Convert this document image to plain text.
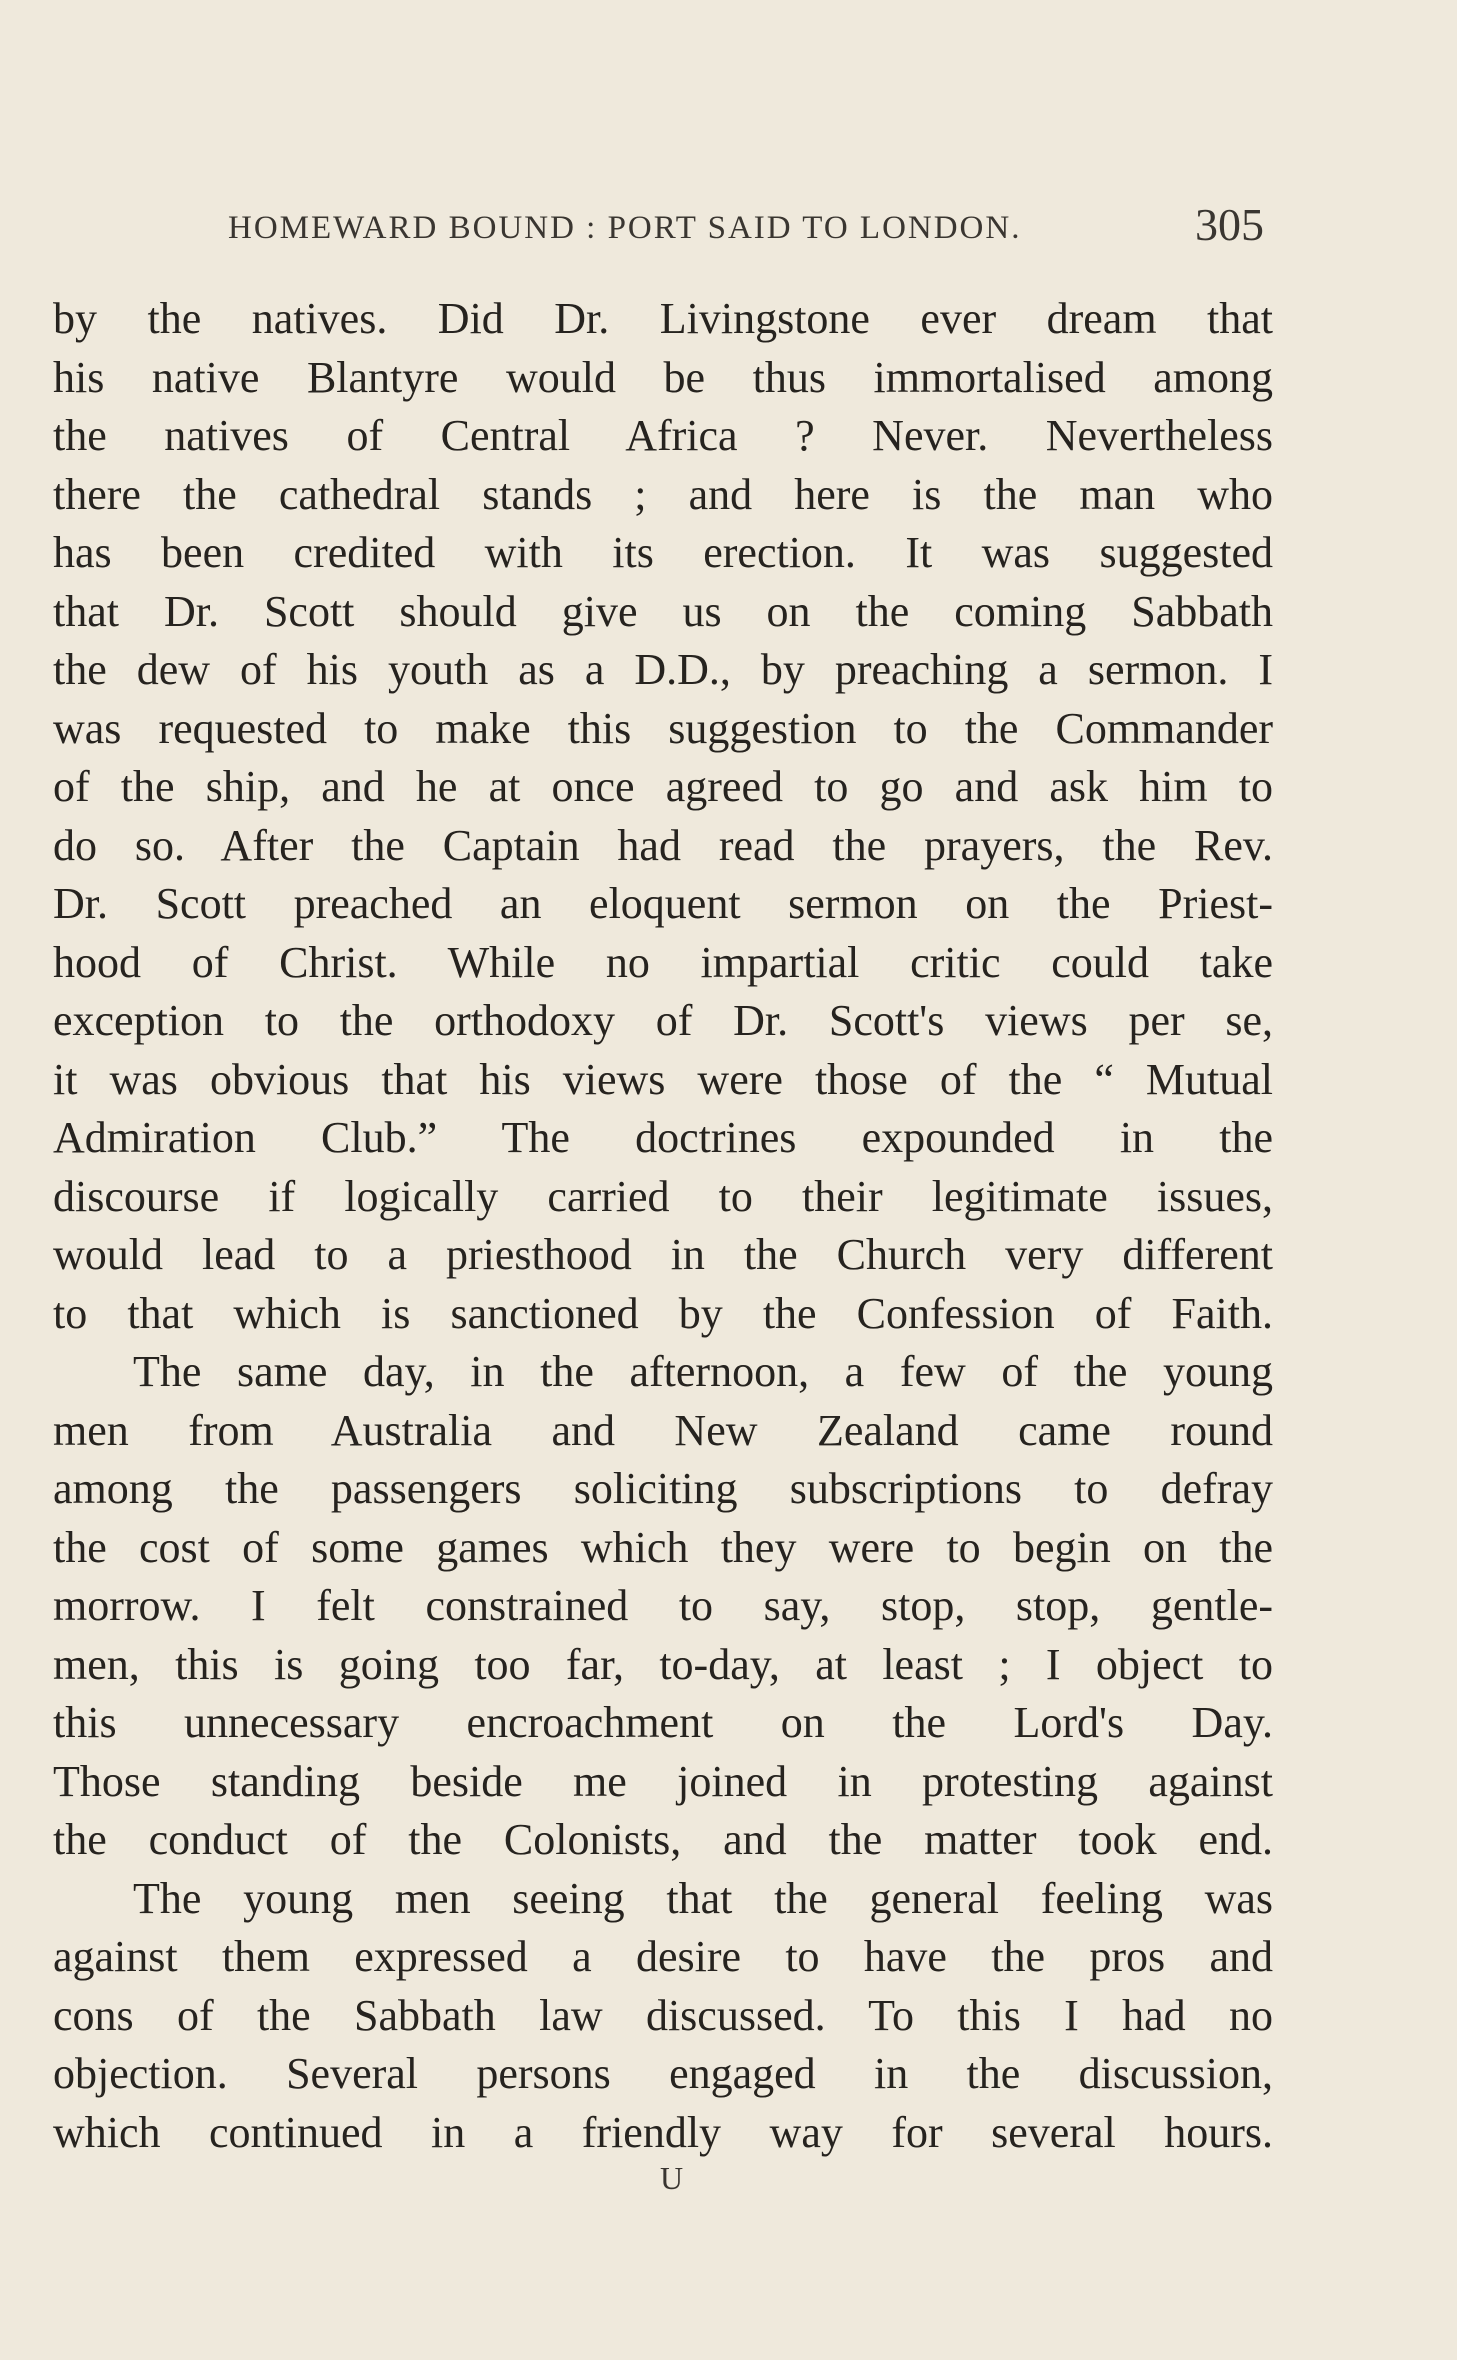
HOMEWARD BOUND : PORT SAID TO LONDON.	305
by the natives. Did Dr. Livingstone ever dream that
his native Blantyre would be thus immortalised among
the natives of Central Africa ? Never. Nevertheless
there the cathedral stands ; and here is the man who
has been credited with its erection. It was suggested
that Dr. Scott should give us on the coming Sabbath
the dew of his youth as a D.D., by preaching a sermon. I
was requested to make this suggestion to the Commander
of the ship, and he at once agreed to go and ask him to
do so. After the Captain had read the prayers, the Rev.
Dr. Scott preached an eloquent sermon on the Priest-
hood of Christ. While no impartial critic could take
exception to the orthodoxy of Dr. Scott's views per se,
it was obvious that his views were those of the “ Mutual
Admiration Club.” The doctrines expounded in the
discourse if logically carried to their legitimate issues,
would lead to a priesthood in the Church very different
to that which is sanctioned by the Confession of Faith.
The same day, in the afternoon, a few of the young
men from Australia and New Zealand came round
among the passengers soliciting subscriptions to defray
the cost of some games which they were to begin on the
morrow. I felt constrained to say, stop, stop, gentle-
men, this is going too far, to-day, at least ; I object to
this unnecessary encroachment on the Lord's Day.
Those standing beside me joined in protesting against
the conduct of the Colonists, and the matter took end.
The young men seeing that the general feeling was
against them expressed a desire to have the pros and
cons of the Sabbath law discussed. To this I had no
objection. Several persons engaged in the discussion,
which continued in a friendly way for several hours.
U
